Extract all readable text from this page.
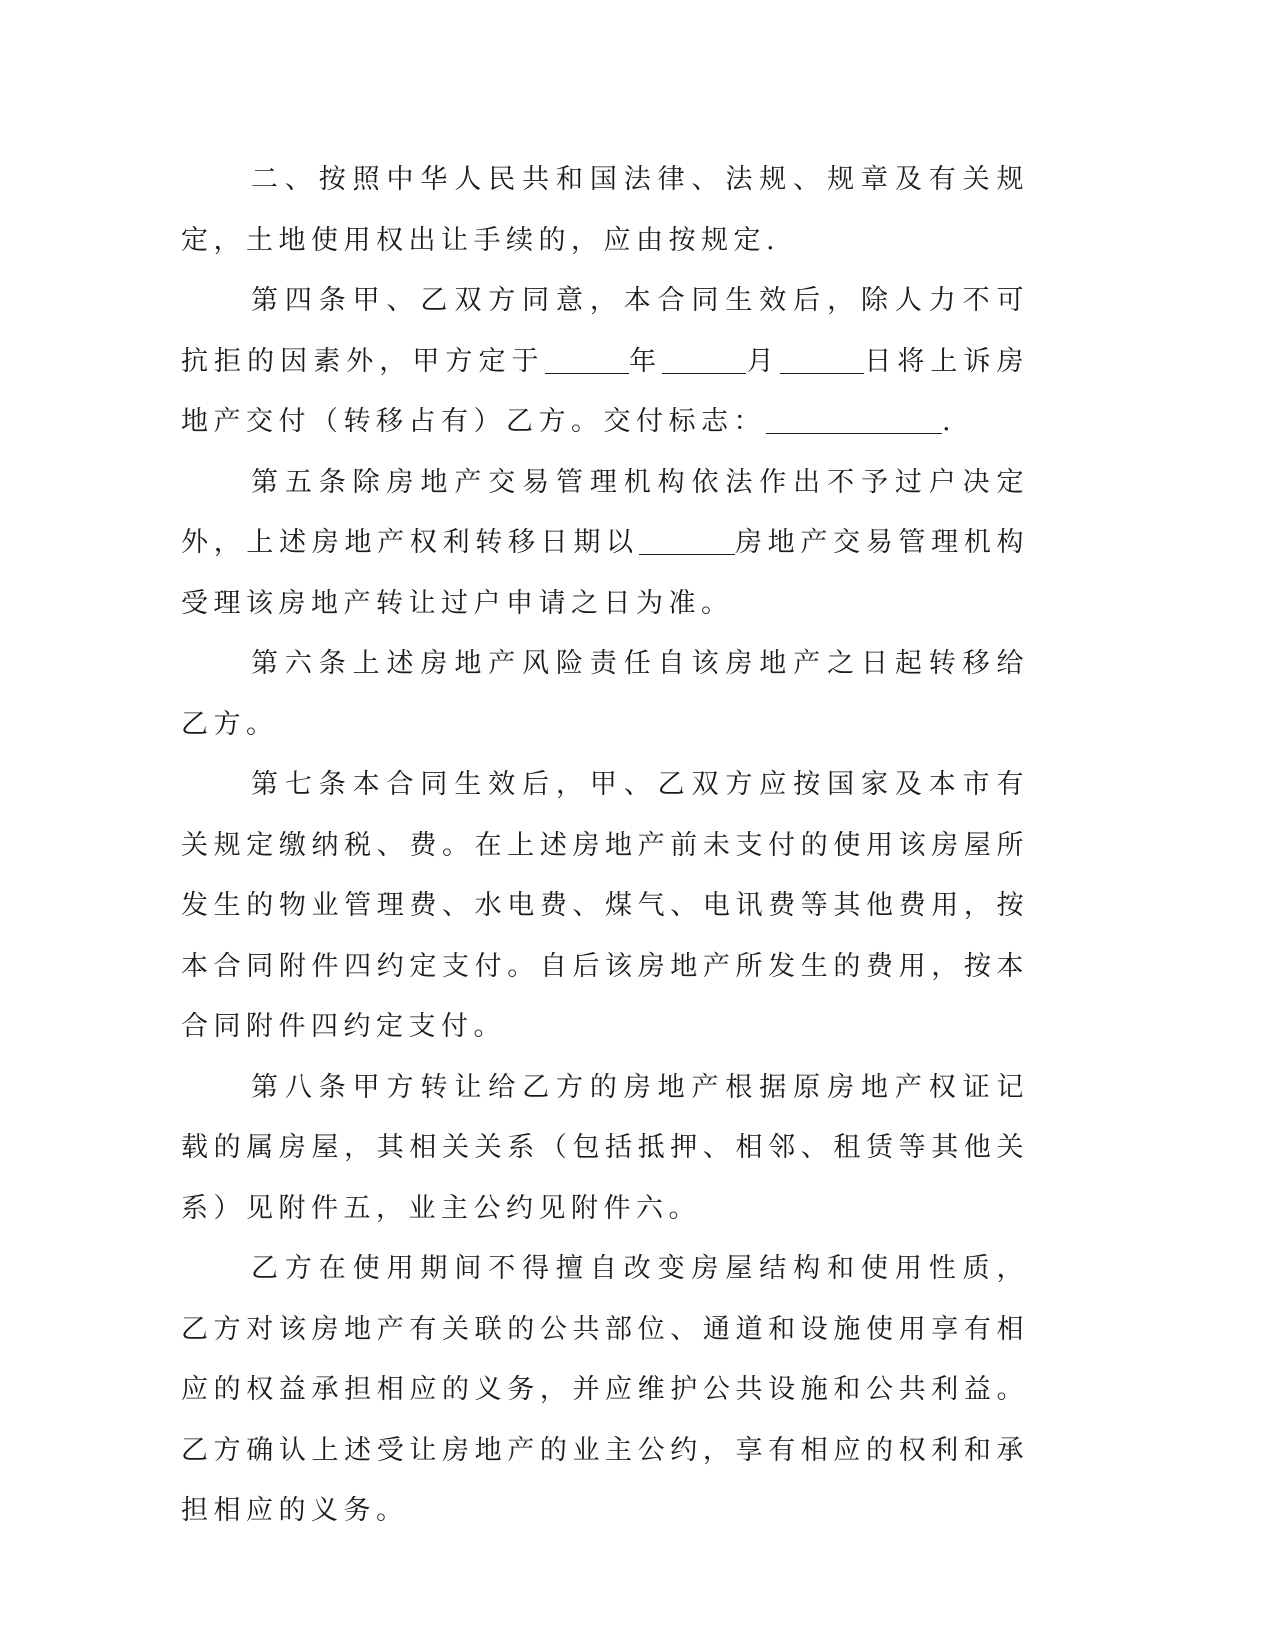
二、按照中华人民共和国法律、法规、规章及有关规定，土地使用权出让手续的，应由按规定.

第四条甲、乙双方同意，本合同生效后，除人力不可抗拒的因素外，甲方定于	年	月	日将上诉房地产交付（转移占有）乙方。交付标志：	.

第五条除房地产交易管理机构依法作出不予过户决定外，上述房地产权利转移日期以	房地产交易管理机构受理该房地产转让过户申请之日为准。

第六条上述房地产风险责任自该房地产之日起转移给乙方。

第七条本合同生效后，甲、乙双方应按国家及本市有关规定缴纳税、费。在上述房地产前未支付的使用该房屋所发生的物业管理费、水电费、煤气、电讯费等其他费用，按本合同附件四约定支付。自后该房地产所发生的费用，按本合同附件四约定支付。

第八条甲方转让给乙方的房地产根据原房地产权证记载的属房屋，其相关关系（包括抵押、相邻、租赁等其他关系）见附件五，业主公约见附件六。

乙方在使用期间不得擅自改变房屋结构和使用性质，乙方对该房地产有关联的公共部位、通道和设施使用享有相应的权益承担相应的义务，并应维护公共设施和公共利益。乙方确认上述受让房地产的业主公约，享有相应的权利和承担相应的义务。
